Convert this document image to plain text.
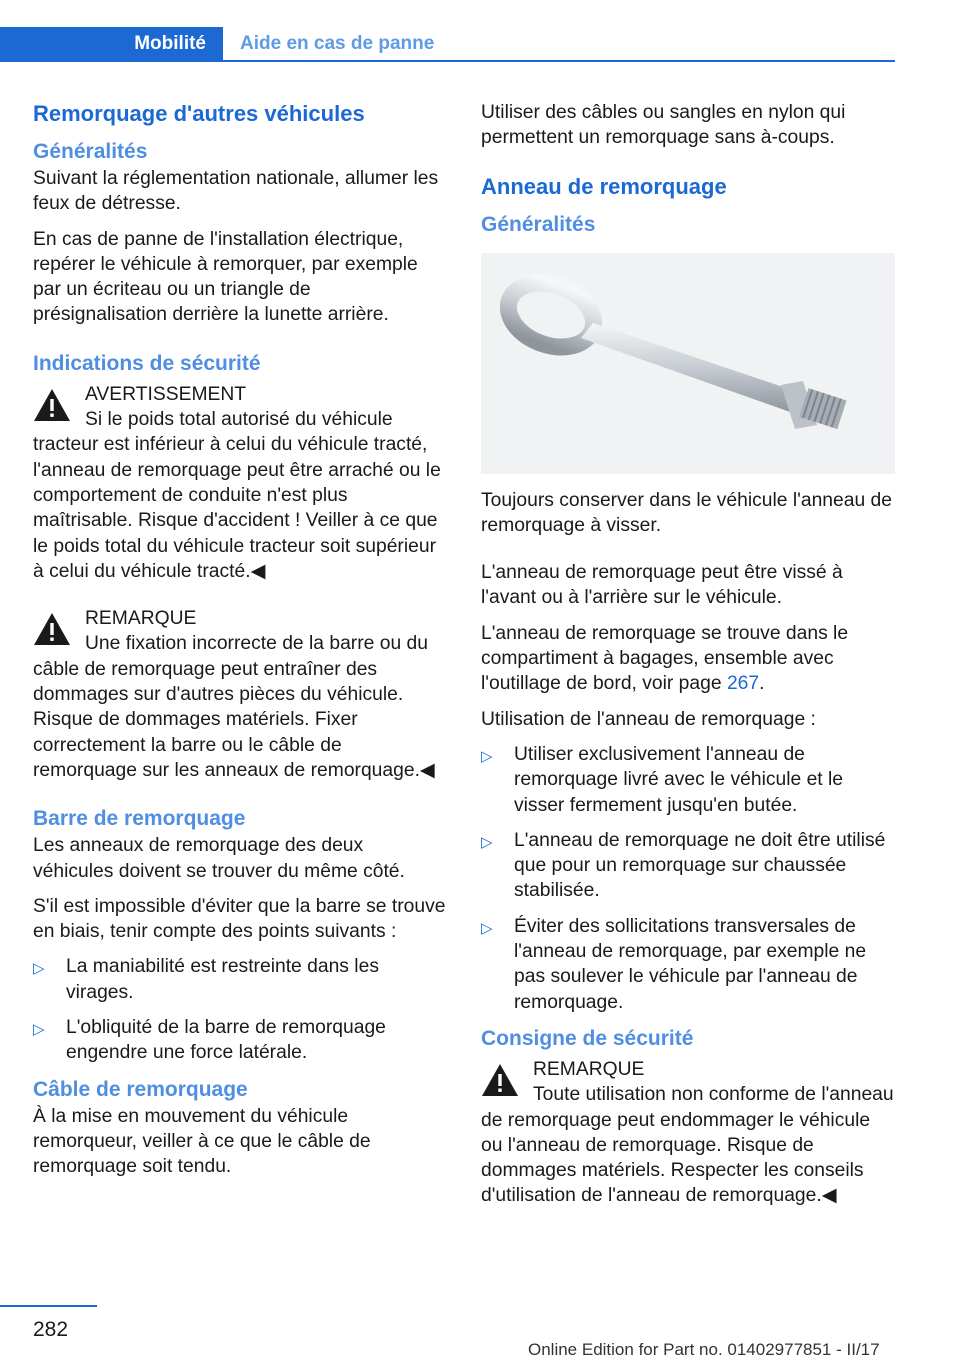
Mobilité Aide en cas de panne
Remorquage d'autres véhicules
Généralités

Suivant la réglementation nationale, allumer les feux de détresse.

En cas de panne de l'installation électrique, repérer le véhicule à remorquer, par exemple par un écriteau ou un triangle de présignalisation derrière la lunette arrière.

Indications de sécurité
AVERTISSEMENT
Si le poids total autorisé du véhicule tracteur est inférieur à celui du véhicule tracté, l'anneau de remorquage peut être arraché ou le comportement de conduite n'est plus maîtrisable. Risque d'accident ! Veiller à ce que le poids total du véhicule tracteur soit supérieur à celui du véhicule tracté.◀
REMARQUE
Une fixation incorrecte de la barre ou du câble de remorquage peut entraîner des dommages sur d'autres pièces du véhicule. Risque de dommages matériels. Fixer correctement la barre ou le câble de remorquage sur les anneaux de remorquage.◀
Barre de remorquage

Les anneaux de remorquage des deux véhicules doivent se trouver du même côté.

S'il est impossible d'éviter que la barre se trouve en biais, tenir compte des points suivants :

▷ La maniabilité est restreinte dans les virages.
▷ L'obliquité de la barre de remorquage engendre une force latérale.
Câble de remorquage

À la mise en mouvement du véhicule remorqueur, veiller à ce que le câble de remorquage soit tendu.

Utiliser des câbles ou sangles en nylon qui permettent un remorquage sans à-coups.

Anneau de remorquage
Généralités

Toujours conserver dans le véhicule l'anneau de remorquage à visser.

L'anneau de remorquage peut être vissé à l'avant ou à l'arrière sur le véhicule.

L'anneau de remorquage se trouve dans le compartiment à bagages, ensemble avec l'outillage de bord, voir page 267.

Utilisation de l'anneau de remorquage :

▷ Utiliser exclusivement l'anneau de remorquage livré avec le véhicule et le visser fermement jusqu'en butée.
▷ L'anneau de remorquage ne doit être utilisé que pour un remorquage sur chaussée stabilisée.
▷ Éviter des sollicitations transversales de l'anneau de remorquage, par exemple ne pas soulever le véhicule par l'anneau de remorquage.
Consigne de sécurité
REMARQUE
Toute utilisation non conforme de l'anneau de remorquage peut endommager le véhicule ou l'anneau de remorquage. Risque de dommages matériels. Respecter les conseils d'utilisation de l'anneau de remorquage.◀
282
Online Edition for Part no. 01402977851 - II/17
